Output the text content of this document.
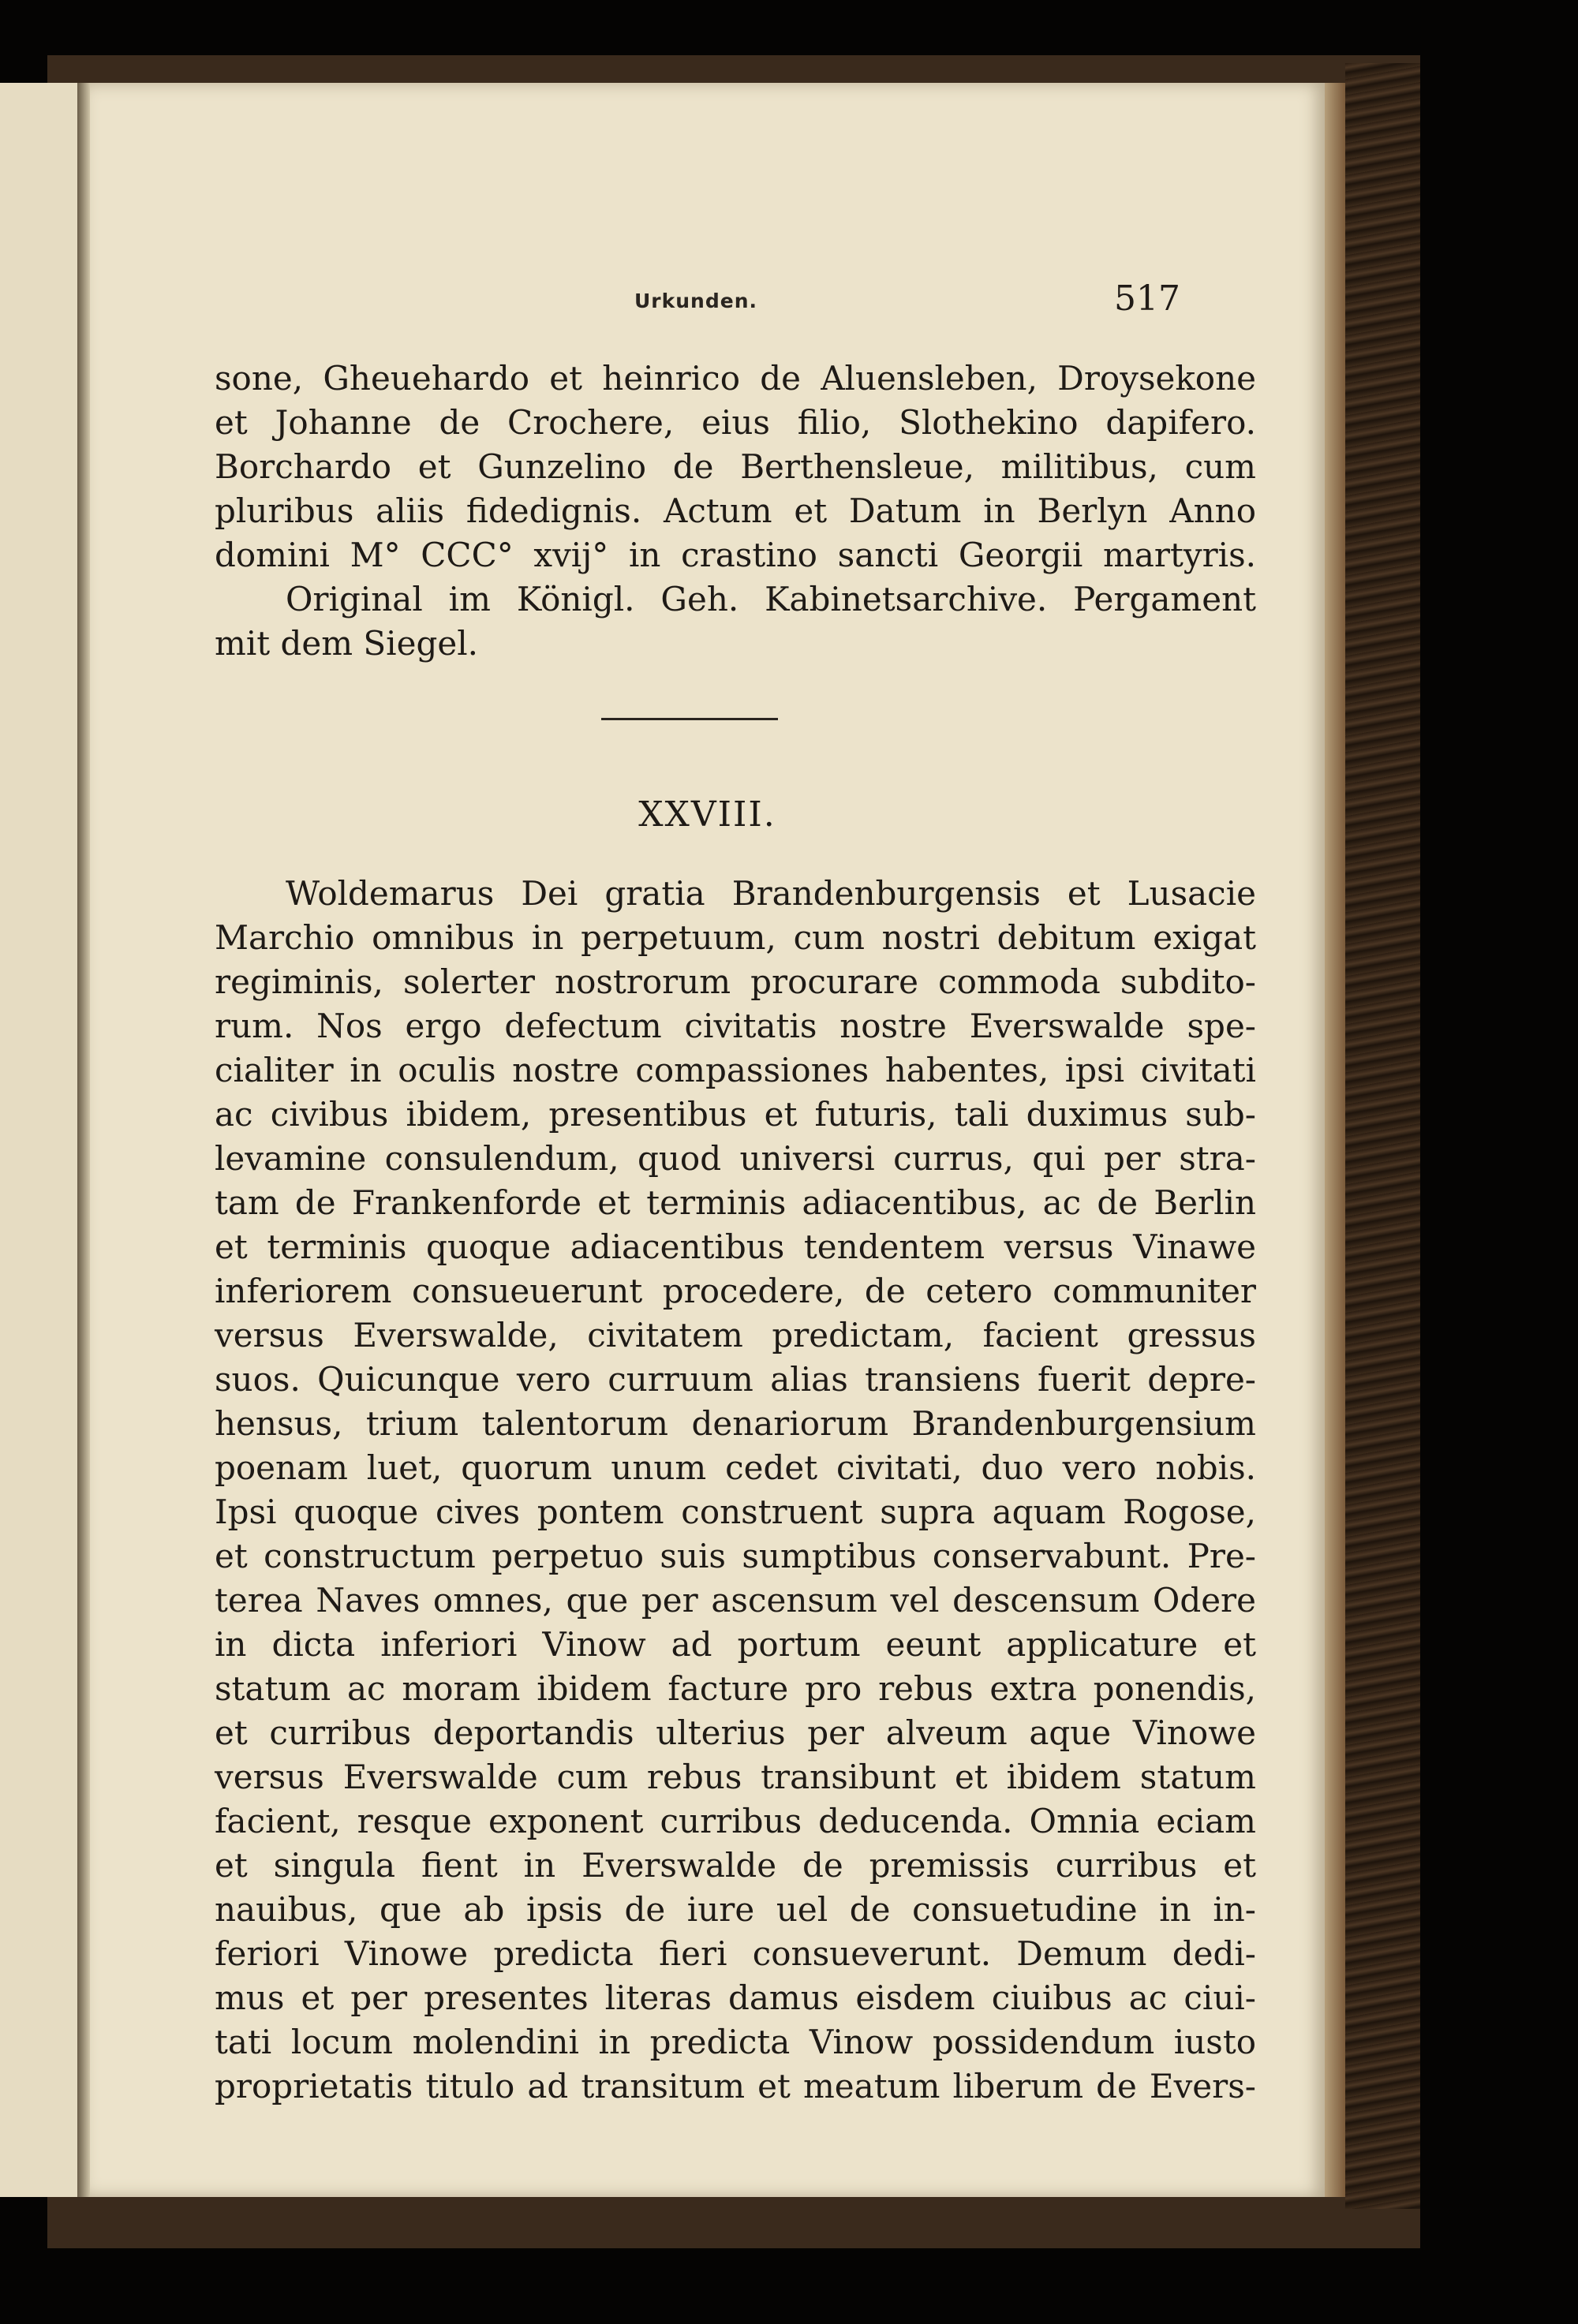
Urkunden.	517

sone, Gheuehardo et heinrico de Aluensleben, Droysekone

et Johanne de Crochere, eius filio, Slothekino dapifero.

Borchardo et Gunzelino de Berthensleue, militibus, cum

pluribus aliis fidedignis. Actum et Datum in Berlyn Anno

domini M° CCC° xvij° in crastino sancti Georgii martyris.

Original im Königl. Geh. Kabinetsarchive. Pergament

mit dem Siegel.

XXVIII.

Woldemarus Dei gratia Brandenburgensis et Lusacie

Marchio omnibus in perpetuum, cum nostri debitum exigat

regiminis, solerter nostrorum procurare commoda subdito-

rum. Nos ergo defectum civitatis nostre Everswalde spe-

cialiter in oculis nostre compassiones habentes, ipsi civitati

ac civibus ibidem, presentibus et futuris, tali duximus sub-

levamine consulendum, quod universi currus, qui per stra-

tam de Frankenforde et terminis adiacentibus, ac de Berlin

et terminis quoque adiacentibus tendentem versus Vinawe

inferiorem consueuerunt procedere, de cetero communiter

versus Everswalde, civitatem predictam, facient gressus

suos. Quicunque vero curruum alias transiens fuerit depre-

hensus, trium talentorum denariorum Brandenburgensium

poenam luet, quorum unum cedet civitati, duo vero nobis.

Ipsi quoque cives pontem construent supra aquam Rogose,

et constructum perpetuo suis sumptibus conservabunt. Pre-

terea Naves omnes, que per ascensum vel descensum Odere

in dicta inferiori Vinow ad portum eeunt applicature et

statum ac moram ibidem facture pro rebus extra ponendis,

et curribus deportandis ulterius per alveum aque Vinowe

versus Everswalde cum rebus transibunt et ibidem statum

facient, resque exponent curribus deducenda. Omnia eciam

et singula fient in Everswalde de premissis curribus et

nauibus, que ab ipsis de iure uel de consuetudine in in-

feriori Vinowe predicta fieri consueverunt. Demum dedi-

mus et per presentes literas damus eisdem ciuibus ac ciui-

tati locum molendini in predicta Vinow possidendum iusto

proprietatis titulo ad transitum et meatum liberum de Evers-
